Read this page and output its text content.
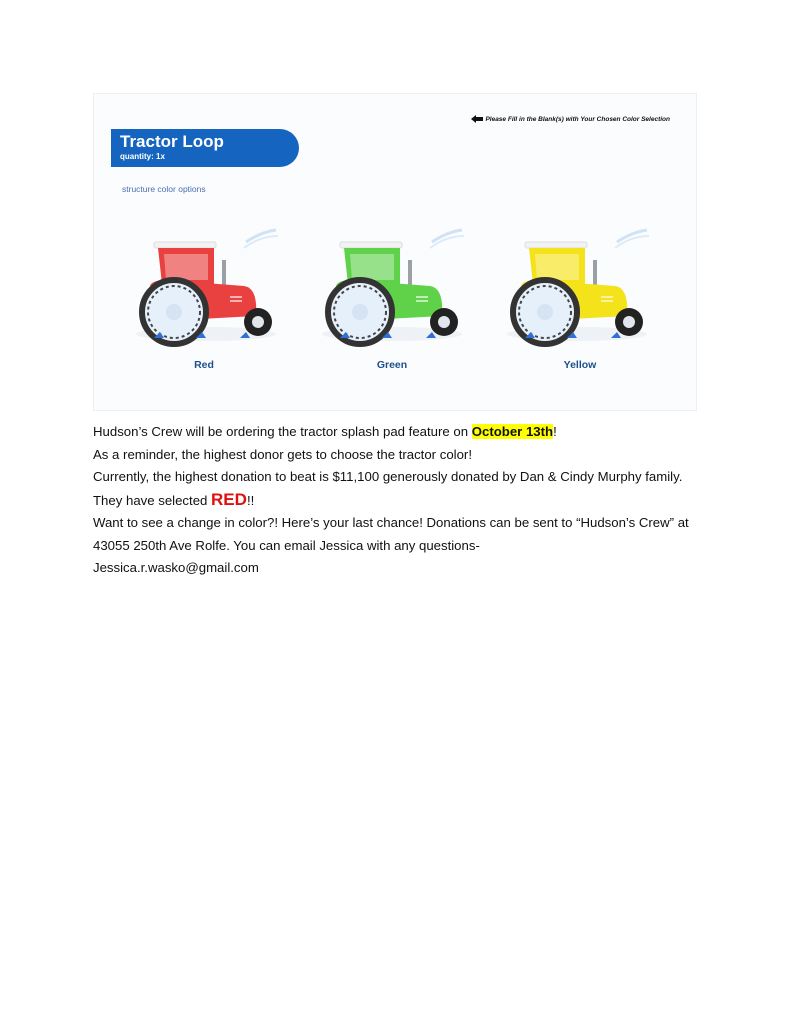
Tractor Loop
quantity: 1x
Please Fill in the Blank(s) with Your Chosen Color Selection
structure color options
Red	Green	Yellow

Hudson’s Crew will be ordering the tractor splash pad feature on October 13th!

As a reminder, the highest donor gets to choose the tractor color!

Currently, the highest donation to beat is $11,100 generously donated by Dan & Cindy Murphy family. They have selected RED!!

Want to see a change in color?! Here’s your last chance! Donations can be sent to “Hudson’s Crew” at 43055 250th Ave Rolfe. You can email Jessica with any questions-
Jessica.r.wasko@gmail.com
